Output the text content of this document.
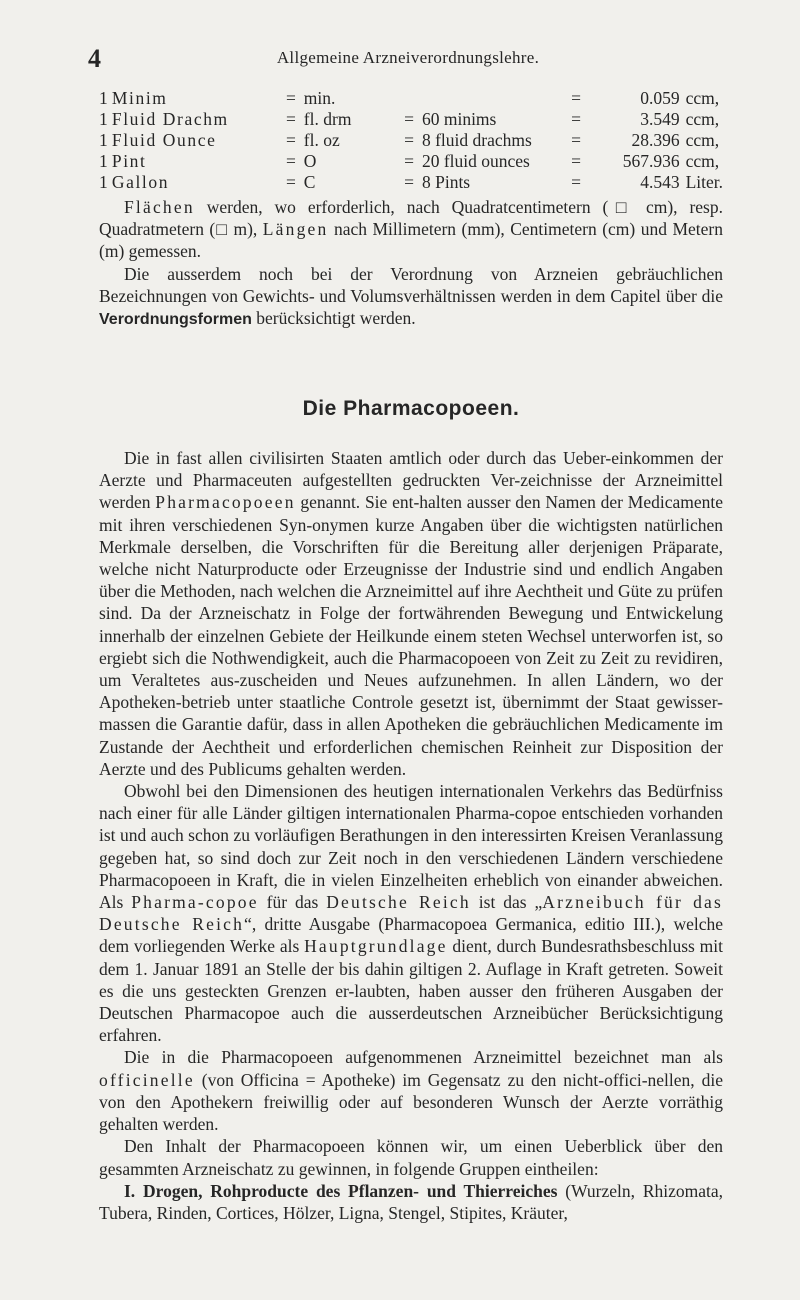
4	Allgemeine Arzneiverordnungslehre.
1	Minim	=	min.			=	0.059	ccm,
1	Fluid Drachm	=	fl. drm	=	60 minims	=	3.549	ccm,
1	Fluid Ounce	=	fl. oz	=	8 fluid drachms	=	28.396	ccm,
1	Pint	=	O	=	20 fluid ounces	=	567.936	ccm,
1	Gallon	=	C	=	8 Pints	=	4.543	Liter.

Flächen werden, wo erforderlich, nach Quadratcentimetern (□ cm), resp. Quadratmetern (□ m), Längen nach Millimetern (mm), Centimetern (cm) und Metern (m) gemessen.

Die ausserdem noch bei der Verordnung von Arzneien gebräuchlichen Bezeichnungen von Gewichts- und Volumsverhältnissen werden in dem Capitel über die Verordnungsformen berücksichtigt werden.

Die Pharmacopoeen.

Die in fast allen civilisirten Staaten amtlich oder durch das Ueber-einkommen der Aerzte und Pharmaceuten aufgestellten gedruckten Ver-zeichnisse der Arzneimittel werden Pharmacopoeen genannt. Sie ent-halten ausser den Namen der Medicamente mit ihren verschiedenen Syn-onymen kurze Angaben über die wichtigsten natürlichen Merkmale derselben, die Vorschriften für die Bereitung aller derjenigen Präparate, welche nicht Naturproducte oder Erzeugnisse der Industrie sind und endlich Angaben über die Methoden, nach welchen die Arzneimittel auf ihre Aechtheit und Güte zu prüfen sind. Da der Arzneischatz in Folge der fortwährenden Bewegung und Entwickelung innerhalb der einzelnen Gebiete der Heilkunde einem steten Wechsel unterworfen ist, so ergiebt sich die Nothwendigkeit, auch die Pharmacopoeen von Zeit zu Zeit zu revidiren, um Veraltetes aus-zuscheiden und Neues aufzunehmen. In allen Ländern, wo der Apotheken-betrieb unter staatliche Controle gesetzt ist, übernimmt der Staat gewisser-massen die Garantie dafür, dass in allen Apotheken die gebräuchlichen Medicamente im Zustande der Aechtheit und erforderlichen chemischen Reinheit zur Disposition der Aerzte und des Publicums gehalten werden.

Obwohl bei den Dimensionen des heutigen internationalen Verkehrs das Bedürfniss nach einer für alle Länder giltigen internationalen Pharma-copoe entschieden vorhanden ist und auch schon zu vorläufigen Berathungen in den interessirten Kreisen Veranlassung gegeben hat, so sind doch zur Zeit noch in den verschiedenen Ländern verschiedene Pharmacopoeen in Kraft, die in vielen Einzelheiten erheblich von einander abweichen. Als Pharma-copoe für das Deutsche Reich ist das „Arzneibuch für das Deutsche Reich“, dritte Ausgabe (Pharmacopoea Germanica, editio III.), welche dem vorliegenden Werke als Hauptgrundlage dient, durch Bundesrathsbeschluss mit dem 1. Januar 1891 an Stelle der bis dahin giltigen 2. Auflage in Kraft getreten. Soweit es die uns gesteckten Grenzen er-laubten, haben ausser den früheren Ausgaben der Deutschen Pharmacopoe auch die ausserdeutschen Arzneibücher Berücksichtigung erfahren.

Die in die Pharmacopoeen aufgenommenen Arzneimittel bezeichnet man als officinelle (von Officina = Apotheke) im Gegensatz zu den nicht-offici-nellen, die von den Apothekern freiwillig oder auf besonderen Wunsch der Aerzte vorräthig gehalten werden.

Den Inhalt der Pharmacopoeen können wir, um einen Ueberblick über den gesammten Arzneischatz zu gewinnen, in folgende Gruppen eintheilen:

I. Drogen, Rohproducte des Pflanzen- und Thierreiches (Wurzeln, Rhizomata, Tubera, Rinden, Cortices, Hölzer, Ligna, Stengel, Stipites, Kräuter,
